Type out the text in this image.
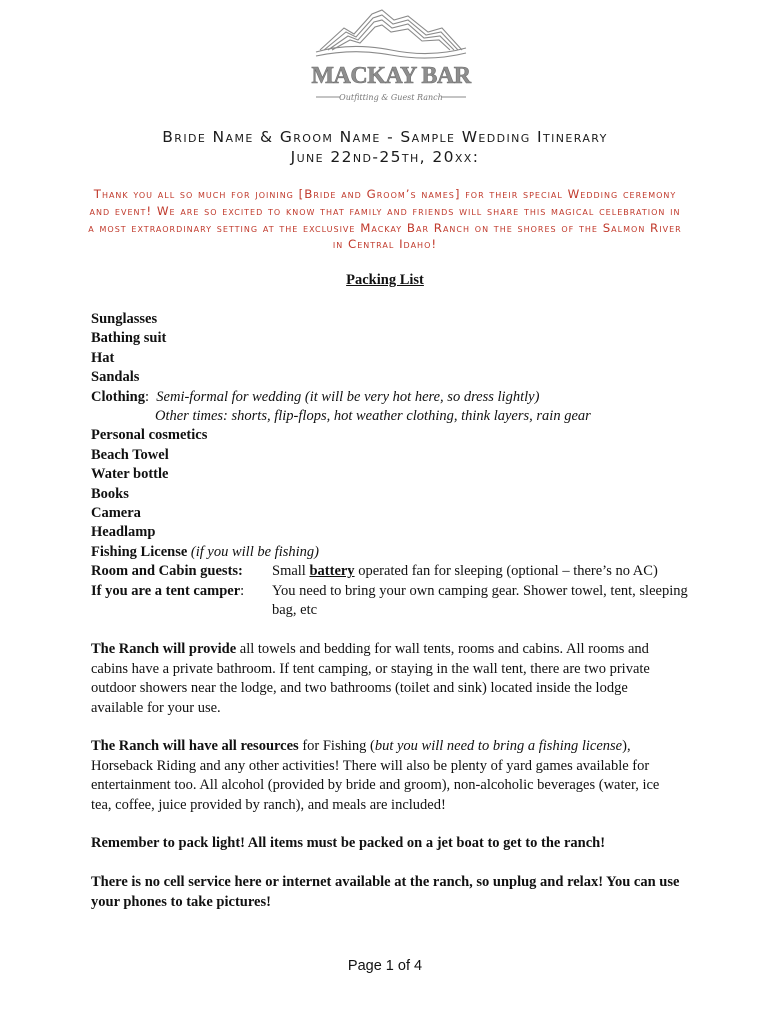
MACKAY BAR
Outfitting & Guest Ranch
Bride Name & Groom Name - Sample Wedding Itinerary
June 22nd-25th, 20xx:
Thank you all so much for joining [Bride and Groom’s names] for their special Wedding ceremony and event! We are so excited to know that family and friends will share this magical celebration in a most extraordinary setting at the exclusive Mackay Bar Ranch on the shores of the Salmon River in Central Idaho!
Packing List
Sunglasses
Bathing suit
Hat
Sandals
Clothing:  Semi-formal for wedding (it will be very hot here, so dress lightly)
Other times: shorts, flip-flops, hot weather clothing, think layers, rain gear
Personal cosmetics
Beach Towel
Water bottle
Books
Camera
Headlamp
Fishing License (if you will be fishing)
Room and Cabin guests:	Small battery operated fan for sleeping (optional – there’s no AC)
If you are a tent camper:	You need to bring your own camping gear. Shower towel, tent, sleeping bag, etc
The Ranch will provide all towels and bedding for wall tents, rooms and cabins. All rooms and cabins have a private bathroom. If tent camping, or staying in the wall tent, there are two private outdoor showers near the lodge, and two bathrooms (toilet and sink) located inside the lodge available for your use.
The Ranch will have all resources for Fishing (but you will need to bring a fishing license), Horseback Riding and any other activities! There will also be plenty of yard games available for entertainment too. All alcohol (provided by bride and groom), non-alcoholic beverages (water, ice tea, coffee, juice provided by ranch), and meals are included!
Remember to pack light! All items must be packed on a jet boat to get to the ranch!
There is no cell service here or internet available at the ranch, so unplug and relax! You can use your phones to take pictures!
Page 1 of 4
